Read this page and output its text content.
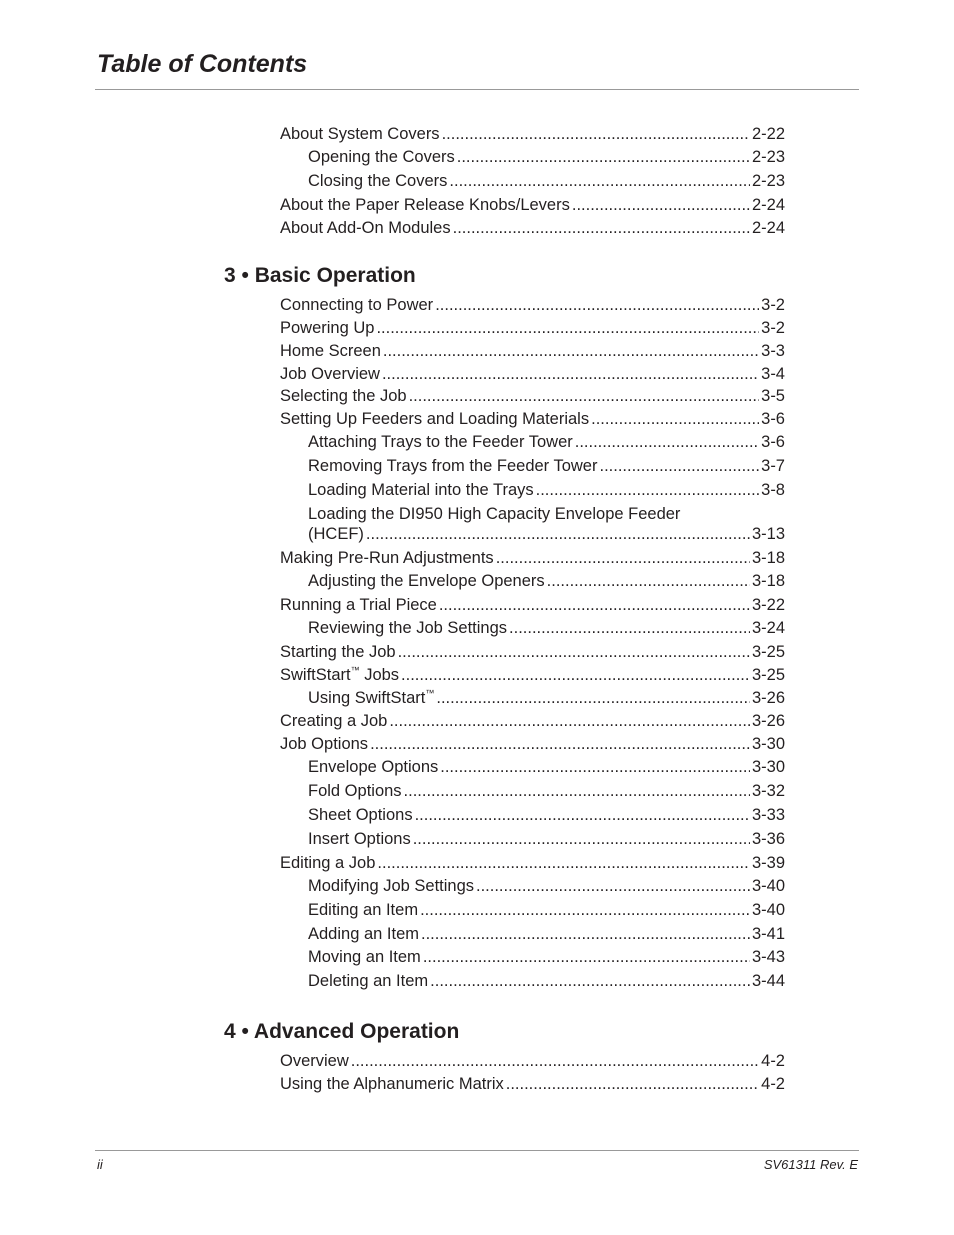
Table of Contents
About System Covers .....	2-22
Opening the Covers .....	2-23
Closing the Covers .....	2-23
About the Paper Release Knobs/Levers .....	2-24
About Add-On Modules .....	2-24
Connecting to Power .....	3-2
Powering Up .....	3-2
Home Screen .....	3-3
Job Overview .....	3-4
Selecting the Job .....	3-5
Setting Up Feeders and Loading Materials .....	3-6
Attaching Trays to the Feeder Tower .....	3-6
Removing Trays from the Feeder Tower .....	3-7
Loading Material into the Trays .....	3-8
Loading the DI950 High Capacity Envelope Feeder
(HCEF) .....	3-13
Making Pre-Run Adjustments .....	3-18
Adjusting the Envelope Openers .....	3-18
Running a Trial Piece .....	3-22
Reviewing the Job Settings .....	3-24
Starting the Job .....	3-25
SwiftStart™ Jobs .....	3-25
Using SwiftStart™ .....	3-26
Creating a Job .....	3-26
Job Options .....	3-30
Envelope Options .....	3-30
Fold Options .....	3-32
Sheet Options .....	3-33
Insert Options .....	3-36
Editing a Job .....	3-39
Modifying Job Settings .....	3-40
Editing an Item .....	3-40
Adding an Item .....	3-41
Moving an Item .....	3-43
Deleting an Item .....	3-44
Overview .....	4-2
Using the Alphanumeric Matrix .....	4-2
3 • Basic Operation
4 • Advanced Operation
ii	SV61311 Rev. E
